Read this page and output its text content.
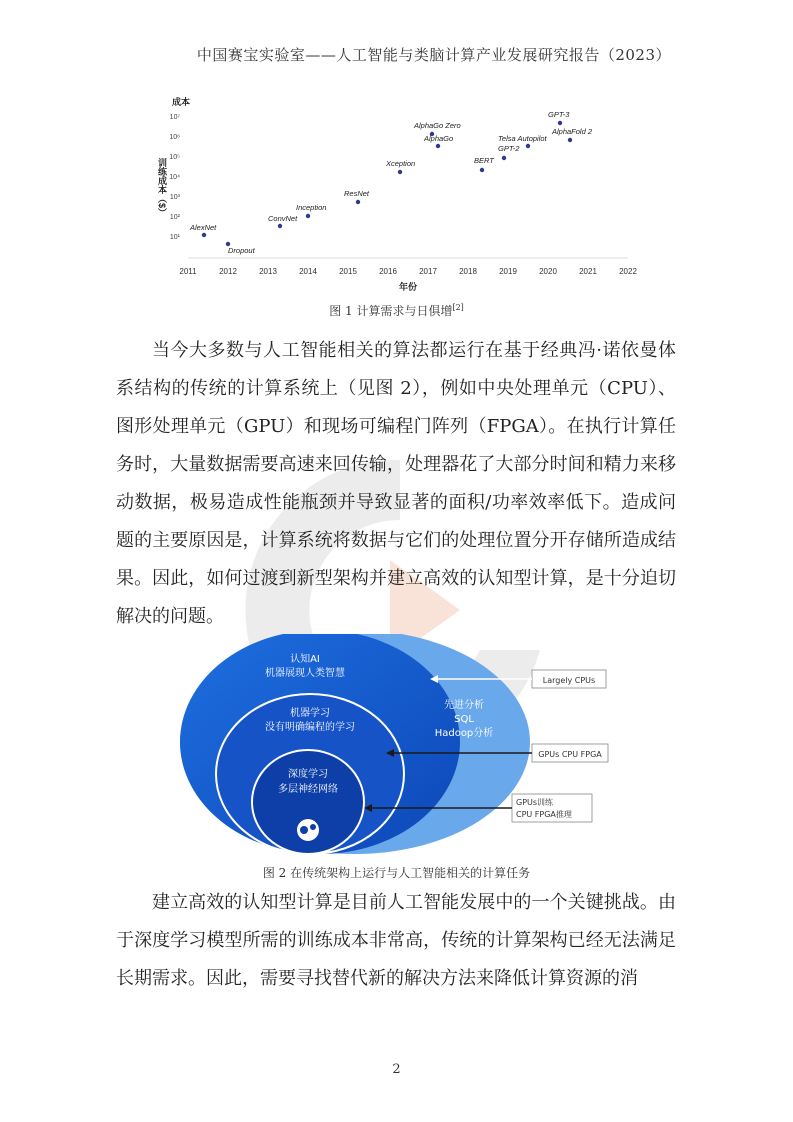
中国赛宝实验室——人工智能与类脑计算产业发展研究报告（2023）
成本
训练成本（$）
年份
10¹
10²
10³
10⁴
10⁵
10⁶
10⁷
2011	2012	2013	2014	2015	2016	2017	2018	2019	2020	2021	2022
AlexNet
Dropout
ConvNet
Inception
ResNet
Xception
AlphaGo Zero
AlphaGo
BERT
GPT-2
Telsa Autopilot
GPT-3
AlphaFold 2
图 1 计算需求与日俱增[2]
当今大多数与人工智能相关的算法都运行在基于经典冯·诺依曼体系结构的传统的计算系统上（见图 2），例如中央处理单元（CPU）、图形处理单元（GPU）和现场可编程门阵列（FPGA）。在执行计算任务时，大量数据需要高速来回传输，处理器花了大部分时间和精力来移动数据，极易造成性能瓶颈并导致显著的面积/功率效率低下。造成问题的主要原因是，计算系统将数据与它们的处理位置分开存储所造成结果。因此，如何过渡到新型架构并建立高效的认知型计算，是十分迫切解决的问题。
认知AI
机器展现人类智慧
机器学习
没有明确编程的学习
深度学习
多层神经网络
先进分析
SQL
Hadoop分析
Largely CPUs
GPUs CPU FPGA
GPUs训练
CPU FPGA推理
图 2 在传统架构上运行与人工智能相关的计算任务
建立高效的认知型计算是目前人工智能发展中的一个关键挑战。由于深度学习模型所需的训练成本非常高，传统的计算架构已经无法满足长期需求。因此，需要寻找替代新的解决方法来降低计算资源的消
2
